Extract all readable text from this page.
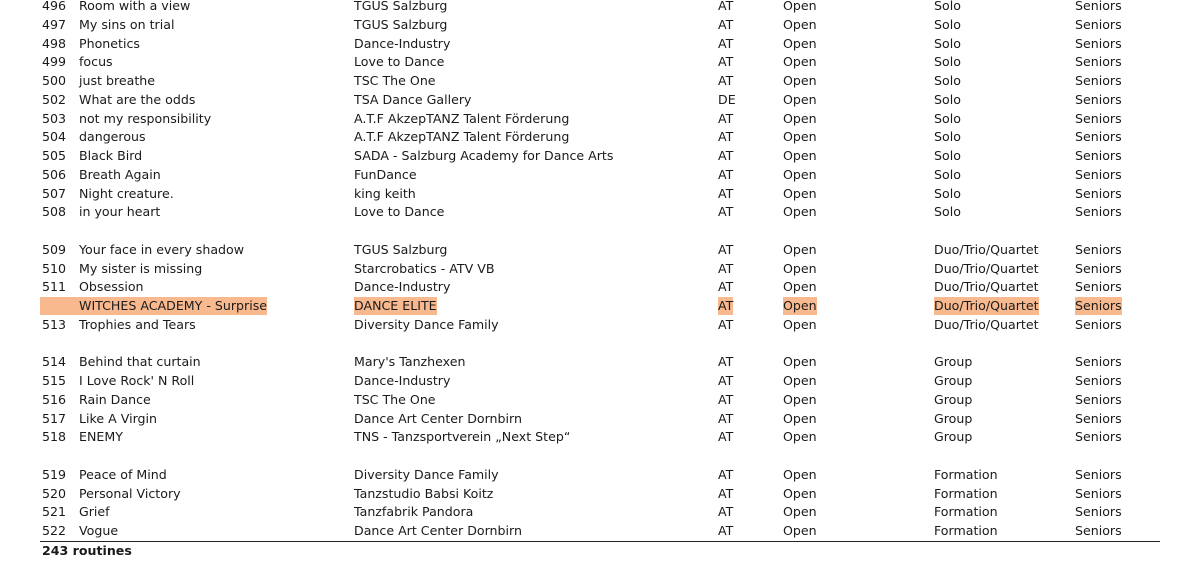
496 Room with a view	TGUS Salzburg	AT	Open	Solo	Seniors
497 My sins on trial	TGUS Salzburg	AT	Open	Solo	Seniors
498 Phonetics	Dance-Industry	AT	Open	Solo	Seniors
499 focus	Love to Dance	AT	Open	Solo	Seniors
500 just breathe	TSC The One	AT	Open	Solo	Seniors
502 What are the odds	TSA Dance Gallery	DE	Open	Solo	Seniors
503 not my responsibility	A.T.F AkzepTANZ Talent Förderung	AT	Open	Solo	Seniors
504 dangerous	A.T.F AkzepTANZ Talent Förderung	AT	Open	Solo	Seniors
505 Black Bird	SADA - Salzburg Academy for Dance Arts	AT	Open	Solo	Seniors
506 Breath Again	FunDance	AT	Open	Solo	Seniors
507 Night creature.	king keith	AT	Open	Solo	Seniors
508 in your heart	Love to Dance	AT	Open	Solo	Seniors
509 Your face in every shadow	TGUS Salzburg	AT	Open	Duo/Trio/Quartet	Seniors
510 My sister is missing	Starcrobatics - ATV VB	AT	Open	Duo/Trio/Quartet	Seniors
511 Obsession	Dance-Industry	AT	Open	Duo/Trio/Quartet	Seniors
WITCHES ACADEMY - Surprise	DANCE ELITE	AT	Open	Duo/Trio/Quartet	Seniors
513 Trophies and Tears	Diversity Dance Family	AT	Open	Duo/Trio/Quartet	Seniors
514 Behind that curtain	Mary's Tanzhexen	AT	Open	Group	Seniors
515 I Love Rock' N Roll	Dance-Industry	AT	Open	Group	Seniors
516 Rain Dance	TSC The One	AT	Open	Group	Seniors
517 Like A Virgin	Dance Art Center Dornbirn	AT	Open	Group	Seniors
518 ENEMY	TNS - Tanzsportverein „Next Step“	AT	Open	Group	Seniors
519 Peace of Mind	Diversity Dance Family	AT	Open	Formation	Seniors
520 Personal Victory	Tanzstudio Babsi Koitz	AT	Open	Formation	Seniors
521 Grief	Tanzfabrik Pandora	AT	Open	Formation	Seniors
522 Vogue	Dance Art Center Dornbirn	AT	Open	Formation	Seniors
243 routines
